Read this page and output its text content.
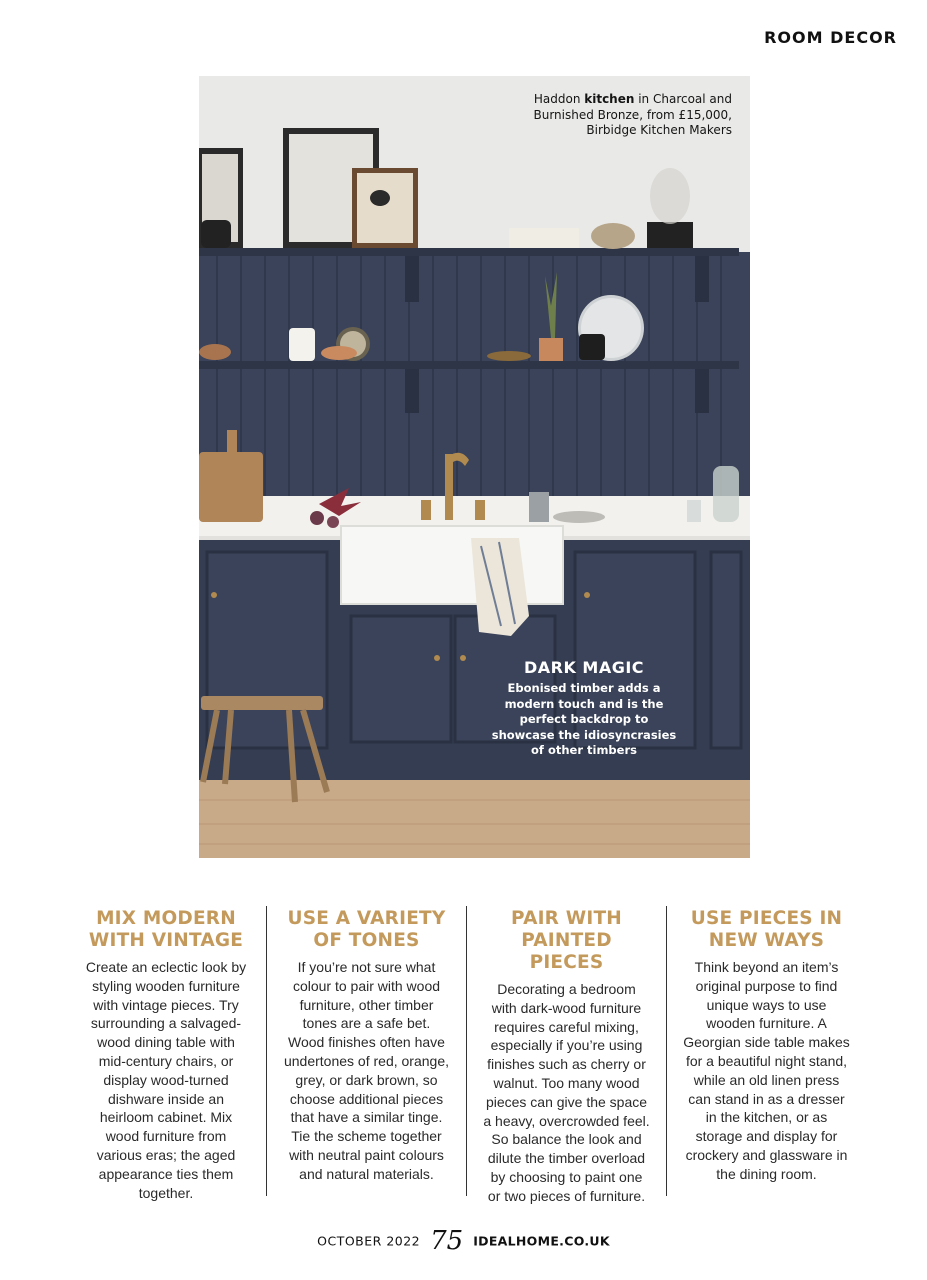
ROOM DECOR
Haddon kitchen in Charcoal and Burnished Bronze, from £15,000, Birbidge Kitchen Makers
DARK MAGIC
Ebonised timber adds a modern touch and is the perfect backdrop to showcase the idiosyncrasies of other timbers
MIX MODERN WITH VINTAGE
Create an eclectic look by styling wooden furniture with vintage pieces. Try surrounding a salvaged-wood dining table with mid-century chairs, or display wood-turned dishware inside an heirloom cabinet. Mix wood furniture from various eras; the aged appearance ties them together.
USE A VARIETY OF TONES
If you’re not sure what colour to pair with wood furniture, other timber tones are a safe bet. Wood finishes often have undertones of red, orange, grey, or dark brown, so choose additional pieces that have a similar tinge. Tie the scheme together with neutral paint colours and natural materials.
PAIR WITH PAINTED PIECES
Decorating a bedroom with dark-wood furniture requires careful mixing, especially if you’re using finishes such as cherry or walnut. Too many wood pieces can give the space a heavy, overcrowded feel. So balance the look and dilute the timber overload by choosing to paint one or two pieces of furniture.
USE PIECES IN NEW WAYS
Think beyond an item’s original purpose to find unique ways to use wooden furniture. A Georgian side table makes for a beautiful night stand, while an old linen press can stand in as a dresser in the kitchen, or as storage and display for crockery and glassware in the dining room.
OCTOBER 2022 75 IDEALHOME.CO.UK
